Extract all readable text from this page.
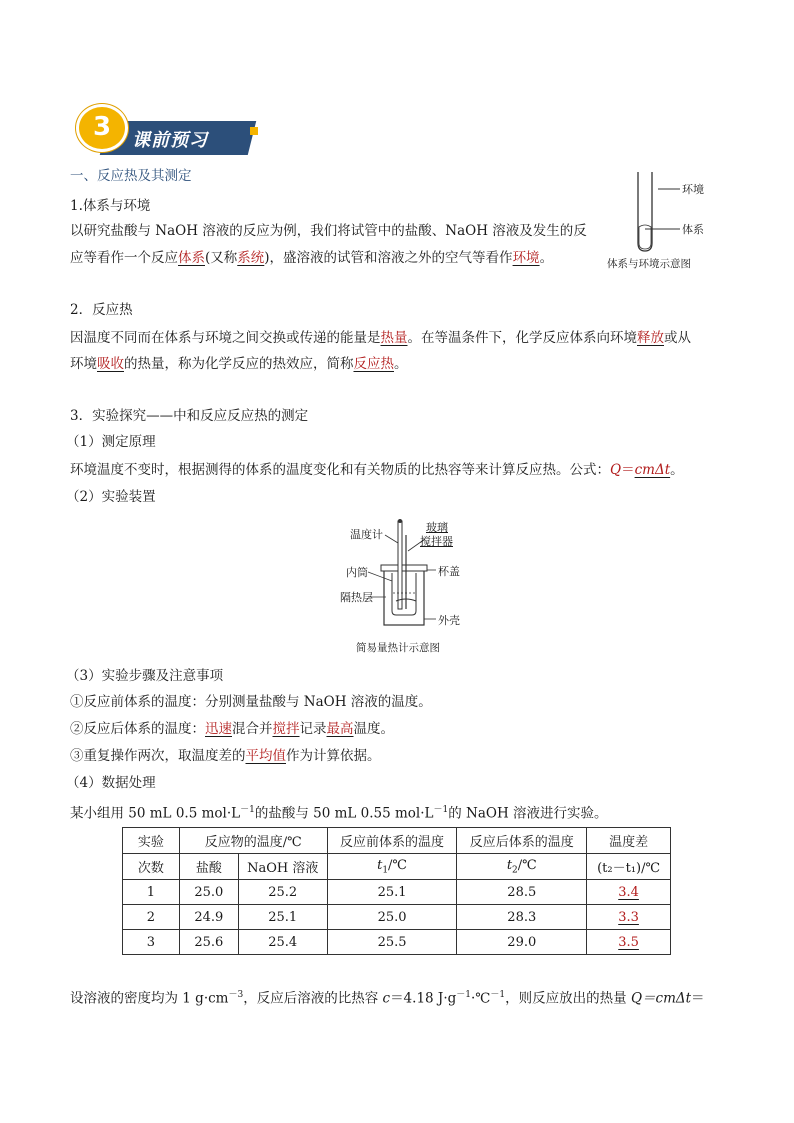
课前预习
3
一、反应热及其测定
1.体系与环境
以研究盐酸与 NaOH 溶液的反应为例，我们将试管中的盐酸、NaOH 溶液及发生的反
应等看作一个反应体系(又称系统)，盛溶液的试管和溶液之外的空气等看作环境。
环境
体系
体系与环境示意图
2．反应热
因温度不同而在体系与环境之间交换或传递的能量是热量。在等温条件下，化学反应体系向环境释放或从
环境吸收的热量，称为化学反应的热效应，简称反应热。
3．实验探究——中和反应反应热的测定
（1）测定原理
环境温度不变时，根据测得的体系的温度变化和有关物质的比热容等来计算反应热。公式：Q＝cmΔt。
（2）实验装置
温度计
玻璃
搅拌器
内筒	杯盖
隔热层
外壳
简易量热计示意图
（3）实验步骤及注意事项
①反应前体系的温度：分别测量盐酸与 NaOH 溶液的温度。
②反应后体系的温度：迅速混合并搅拌记录最高温度。
③重复操作两次，取温度差的平均值作为计算依据。
（4）数据处理
某小组用 50 mL 0.5 $mol\cdot L^{-1}$的盐酸与 50 mL 0.55 $mol\cdot L^{-1}$的 NaOH 溶液进行实验。
实验	反应物的温度/℃		反应前体系的温度	反应后体系的温度	温度差
次数	盐酸	NaOH 溶液	$t_1/℃$	$t_2/℃$	(t₂－t₁)/℃
1	25.0	25.2	25.1	28.5	3.4
2	24.9	25.1	25.0	28.3	3.3
3	25.6	25.4	25.5	29.0	3.5
设溶液的密度均为 1 $g\cdot cm^{-3}$，反应后溶液的比热容 c＝4.18 $J\cdot g^{-1}\cdot℃^{-1}$，则反应放出的热量 Q＝cmΔt＝
